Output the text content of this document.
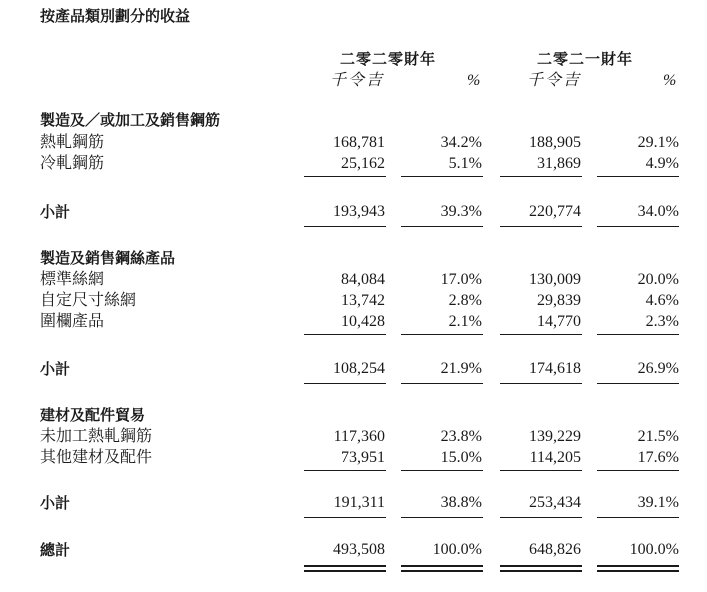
按產品類別劃分的收益
二零二零財年	二零二一財年
千令吉	千令吉
%	%
製造及／或加工及銷售鋼筋
熱軋鋼筋	168,781	34.2%	188,905	29.1%
冷軋鋼筋	25,162	5.1%	31,869	4.9%
小計	193,943	39.3%	220,774	34.0%
製造及銷售鋼絲產品
標準絲網	84,084	17.0%	130,009	20.0%
自定尺寸絲網	13,742	2.8%	29,839	4.6%
圍欄產品	10,428	2.1%	14,770	2.3%
小計	108,254	21.9%	174,618	26.9%
建材及配件貿易
未加工熱軋鋼筋	117,360	23.8%	139,229	21.5%
其他建材及配件	73,951	15.0%	114,205	17.6%
小計	191,311	38.8%	253,434	39.1%
總計	493,508	100.0%	648,826	100.0%
